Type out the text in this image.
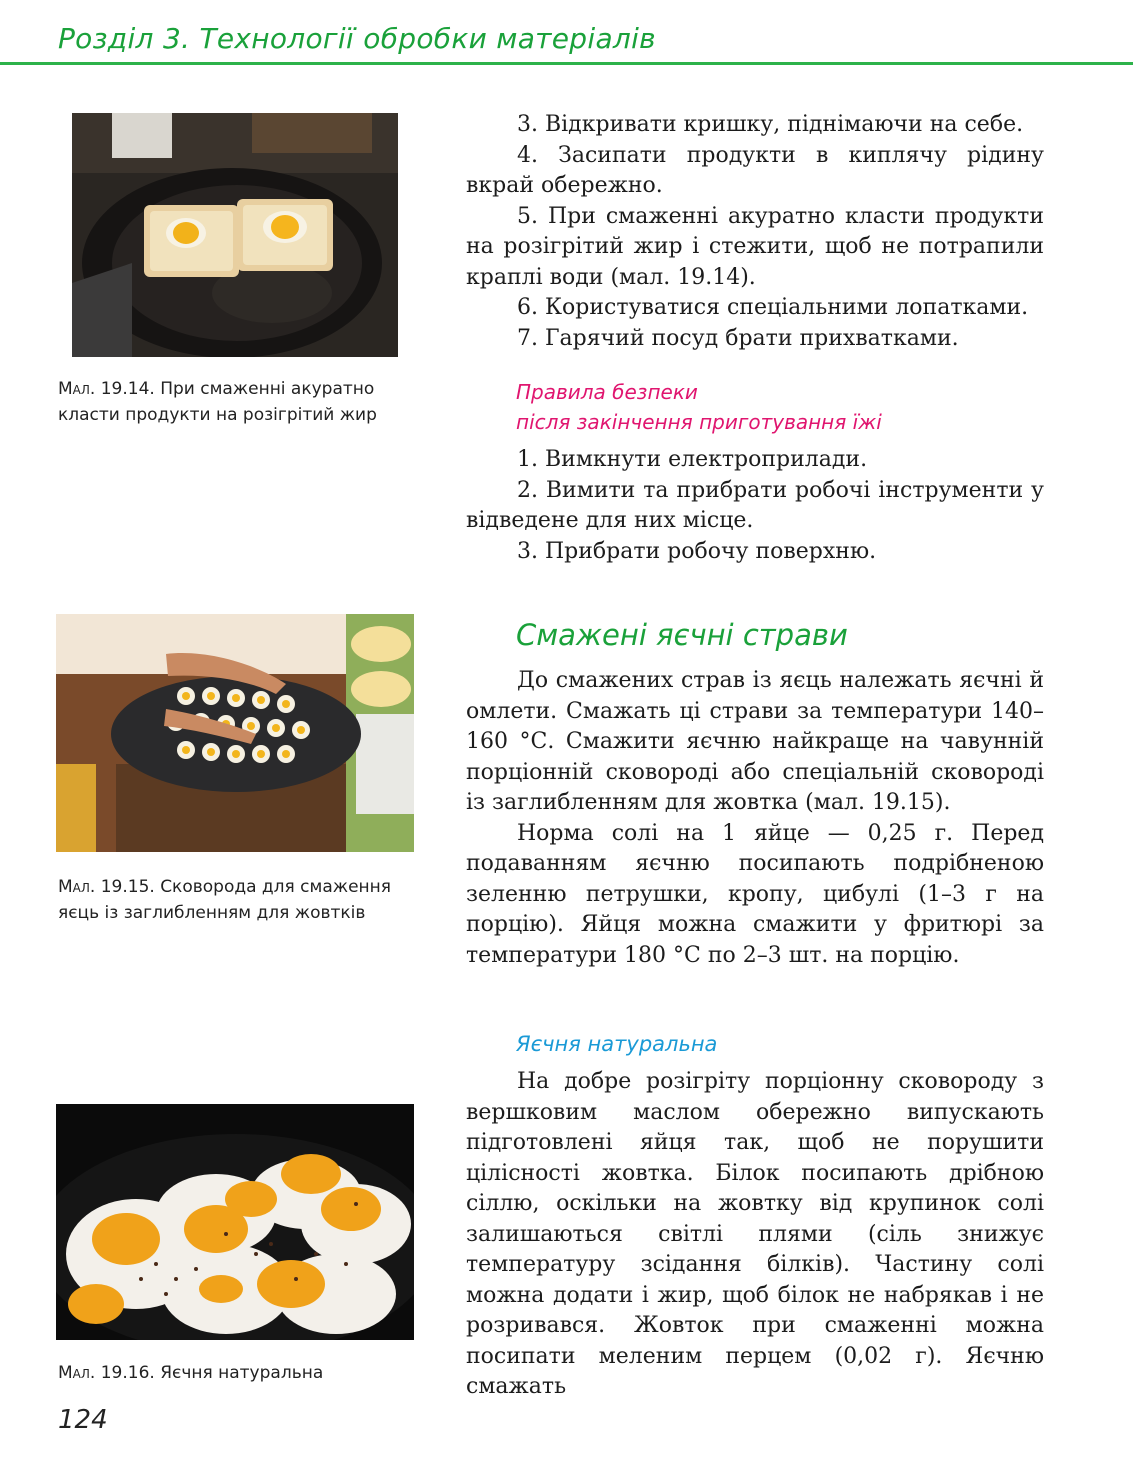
Розділ 3. Технології обробки матеріалів
Мал. 19.14. При смаженні акуратно
класти продукти на розігрітий жир
Мал. 19.15. Сковорода для смаження
яєць із заглибленням для жовтків
Мал. 19.16. Яєчня натуральна

3. Відкривати кришку, піднімаючи на себе.

4. Засипати продукти в киплячу рідину вкрай обережно.

5. При смаженні акуратно класти продукти на розігрітий жир і стежити, щоб не потрапили краплі води (мал. 19.14).

6. Користуватися спеціальними лопатками.

7. Гарячий посуд брати прихватками.

Правила безпеки
після закінчення приготування їжі

1. Вимкнути електроприлади.

2. Вимити та прибрати робочі інструменти у відведене для них місце.

3. Прибрати робочу поверхню.

Смажені яєчні страви

До смажених страв із яєць належать яєчні й омлети. Смажать ці страви за температури 140–160 °С. Смажити яєчню найкраще на чавунній порціонній сковороді або спеціальній сковороді із заглибленням для жовтка (мал. 19.15).

Норма солі на 1 яйце — 0,25 г. Перед подаванням яєчню посипають подрібненою зеленню петрушки, кропу, цибулі (1–3 г на порцію). Яйця можна смажити у фритюрі за температури 180 °С по 2–3 шт. на порцію.

Яєчня натуральна

На добре розігріту порціонну сковороду з вершковим маслом обережно випускають підготовлені яйця так, щоб не порушити цілісності жовтка. Білок посипають дрібною сіллю, оскільки на жовтку від крупинок солі залишаються світлі плями (сіль знижує температуру зсідання білків). Частину солі можна додати і жир, щоб білок не набрякав і не розривався. Жовток при смаженні можна посипати меленим перцем (0,02 г). Яєчню смажать

124
